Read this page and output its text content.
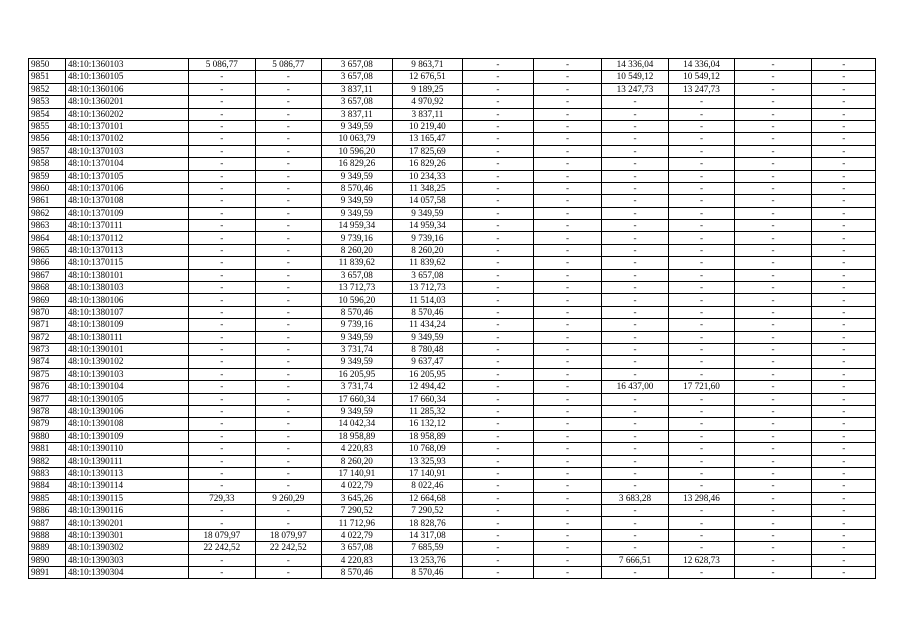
9850	48:10:1360103	5 086,77	5 086,77	3 657,08	9 863,71	-	-	14 336,04	14 336,04	-	-
9851	48:10:1360105	-	-	3 657,08	12 676,51	-	-	10 549,12	10 549,12	-	-
9852	48:10:1360106	-	-	3 837,11	9 189,25	-	-	13 247,73	13 247,73	-	-
9853	48:10:1360201	-	-	3 657,08	4 970,92	-	-	-	-	-	-
9854	48:10:1360202	-	-	3 837,11	3 837,11	-	-	-	-	-	-
9855	48:10:1370101	-	-	9 349,59	10 219,40	-	-	-	-	-	-
9856	48:10:1370102	-	-	10 063,79	13 165,47	-	-	-	-	-	-
9857	48:10:1370103	-	-	10 596,20	17 825,69	-	-	-	-	-	-
9858	48:10:1370104	-	-	16 829,26	16 829,26	-	-	-	-	-	-
9859	48:10:1370105	-	-	9 349,59	10 234,33	-	-	-	-	-	-
9860	48:10:1370106	-	-	8 570,46	11 348,25	-	-	-	-	-	-
9861	48:10:1370108	-	-	9 349,59	14 057,58	-	-	-	-	-	-
9862	48:10:1370109	-	-	9 349,59	9 349,59	-	-	-	-	-	-
9863	48:10:1370111	-	-	14 959,34	14 959,34	-	-	-	-	-	-
9864	48:10:1370112	-	-	9 739,16	9 739,16	-	-	-	-	-	-
9865	48:10:1370113	-	-	8 260,20	8 260,20	-	-	-	-	-	-
9866	48:10:1370115	-	-	11 839,62	11 839,62	-	-	-	-	-	-
9867	48:10:1380101	-	-	3 657,08	3 657,08	-	-	-	-	-	-
9868	48:10:1380103	-	-	13 712,73	13 712,73	-	-	-	-	-	-
9869	48:10:1380106	-	-	10 596,20	11 514,03	-	-	-	-	-	-
9870	48:10:1380107	-	-	8 570,46	8 570,46	-	-	-	-	-	-
9871	48:10:1380109	-	-	9 739,16	11 434,24	-	-	-	-	-	-
9872	48:10:1380111	-	-	9 349,59	9 349,59	-	-	-	-	-	-
9873	48:10:1390101	-	-	3 731,74	8 780,48	-	-	-	-	-	-
9874	48:10:1390102	-	-	9 349,59	9 637,47	-	-	-	-	-	-
9875	48:10:1390103	-	-	16 205,95	16 205,95	-	-	-	-	-	-
9876	48:10:1390104	-	-	3 731,74	12 494,42	-	-	16 437,00	17 721,60	-	-
9877	48:10:1390105	-	-	17 660,34	17 660,34	-	-	-	-	-	-
9878	48:10:1390106	-	-	9 349,59	11 285,32	-	-	-	-	-	-
9879	48:10:1390108	-	-	14 042,34	16 132,12	-	-	-	-	-	-
9880	48:10:1390109	-	-	18 958,89	18 958,89	-	-	-	-	-	-
9881	48:10:1390110	-	-	4 220,83	10 768,09	-	-	-	-	-	-
9882	48:10:1390111	-	-	8 260,20	13 325,93	-	-	-	-	-	-
9883	48:10:1390113	-	-	17 140,91	17 140,91	-	-	-	-	-	-
9884	48:10:1390114	-	-	4 022,79	8 022,46	-	-	-	-	-	-
9885	48:10:1390115	729,33	9 260,29	3 645,26	12 664,68	-	-	3 683,28	13 298,46	-	-
9886	48:10:1390116	-	-	7 290,52	7 290,52	-	-	-	-	-	-
9887	48:10:1390201	-	-	11 712,96	18 828,76	-	-	-	-	-	-
9888	48:10:1390301	18 079,97	18 079,97	4 022,79	14 317,08	-	-	-	-	-	-
9889	48:10:1390302	22 242,52	22 242,52	3 657,08	7 685,59	-	-	-	-	-	-
9890	48:10:1390303	-	-	4 220,83	13 253,76	-	-	7 666,51	12 628,73	-	-
9891	48:10:1390304	-	-	8 570,46	8 570,46	-	-	-	-	-	-
